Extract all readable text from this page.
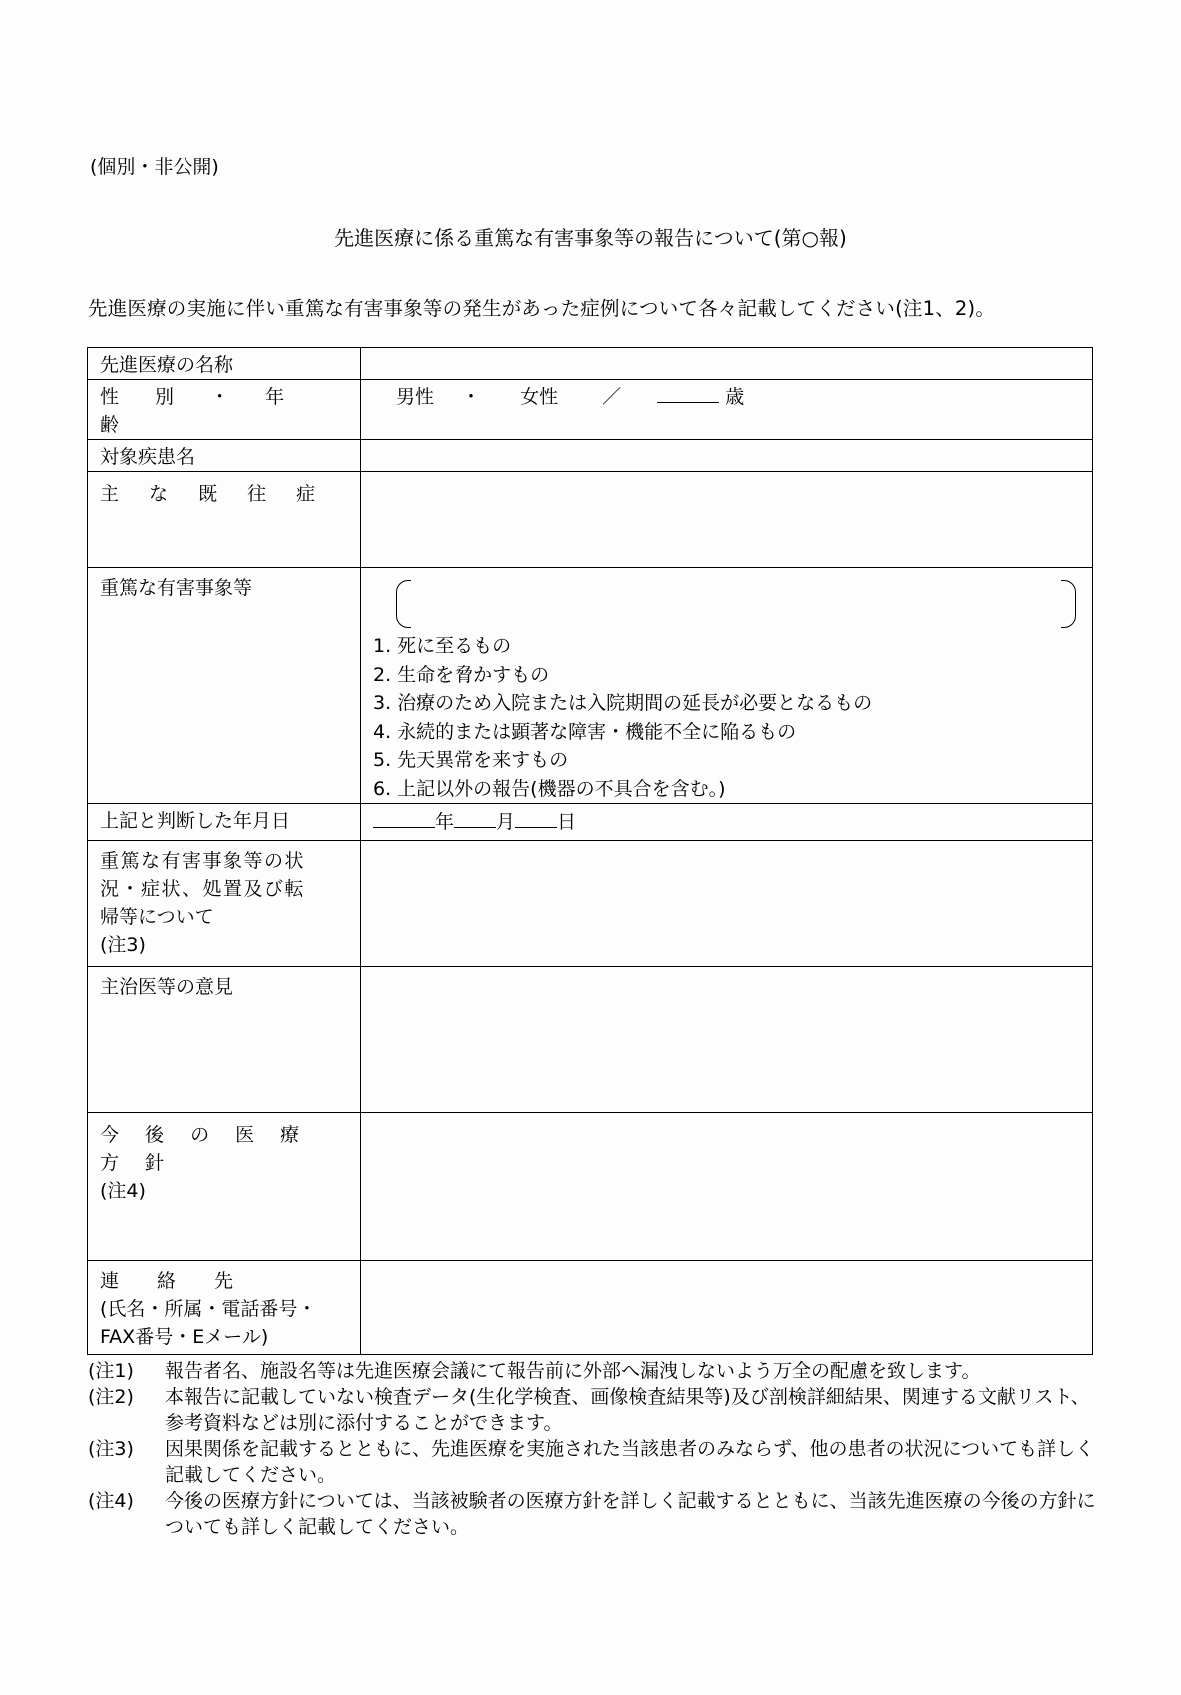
(個別・非公開)
先進医療に係る重篤な有害事象等の報告について(第○報)
先進医療の実施に伴い重篤な有害事象等の発生があった症例について各々記載してください(注1、2)。
先進医療の名称	
性 別 ・ 年 齢	男性 ・ 女性 ／ 歳

対象疾患名	
主 な 既 往 症	
重篤な有害事象等	
1. 死に至るもの
2. 生命を脅かすもの
3. 治療のため入院または入院期間の延長が必要となるもの
4. 永続的または顕著な障害・機能不全に陥るもの
5. 先天異常を来すもの
6. 上記以外の報告(機器の不具合を含む。)

上記と判断した年月日	年 月 日

重篤な有害事象等の状
況・症状、処置及び転
帰等について
(注3)	

主治医等の意見	

今 後 の 医 療 方 針
(注4)	

連　　絡　　先
(氏名・所属・電話番号・
FAX番号・Eメール)	

(注1)	報告者名、施設名等は先進医療会議にて報告前に外部へ漏洩しないよう万全の配慮を致します。
(注2)	本報告に記載していない検査データ(生化学検査、画像検査結果等)及び剖検詳細結果、関連する文献リスト、参考資料などは別に添付することができます。
(注3)	因果関係を記載するとともに、先進医療を実施された当該患者のみならず、他の患者の状況についても詳しく記載してください。
(注4)	今後の医療方針については、当該被験者の医療方針を詳しく記載するとともに、当該先進医療の今後の方針についても詳しく記載してください。
